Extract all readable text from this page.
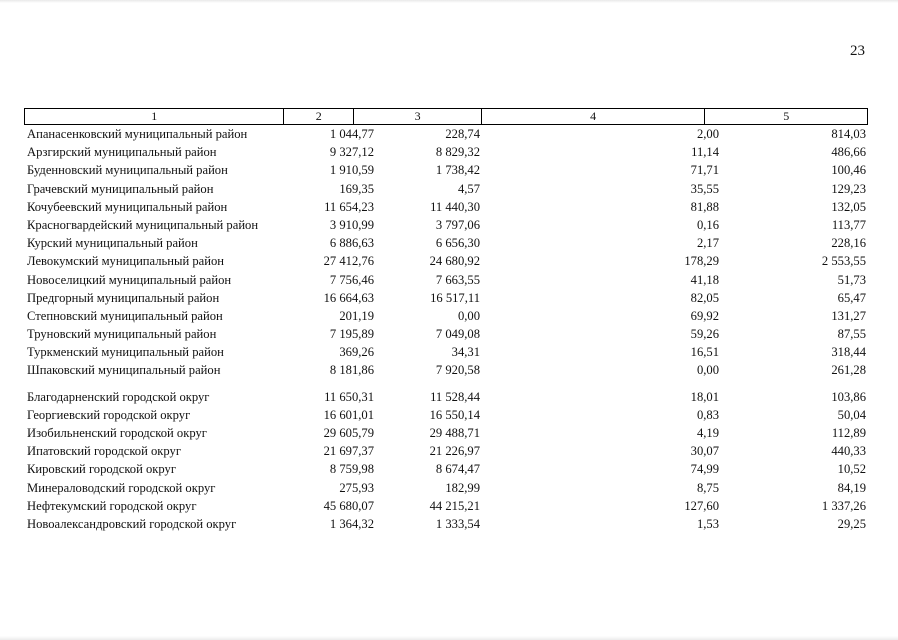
23
1	2	3	4	5
Апанасенковский муниципальный район	1 044,77	228,74	2,00	814,03
Арзгирский муниципальный район	9 327,12	8 829,32	11,14	486,66
Буденновский муниципальный район	1 910,59	1 738,42	71,71	100,46
Грачевский муниципальный район	169,35	4,57	35,55	129,23
Кочубеевский муниципальный район	11 654,23	11 440,30	81,88	132,05
Красногвардейский муниципальный район	3 910,99	3 797,06	0,16	113,77
Курский муниципальный район	6 886,63	6 656,30	2,17	228,16
Левокумский муниципальный район	27 412,76	24 680,92	178,29	2 553,55
Новоселицкий муниципальный район	7 756,46	7 663,55	41,18	51,73
Предгорный муниципальный район	16 664,63	16 517,11	82,05	65,47
Степновский муниципальный район	201,19	0,00	69,92	131,27
Труновский муниципальный район	7 195,89	7 049,08	59,26	87,55
Туркменский муниципальный район	369,26	34,31	16,51	318,44
Шпаковский муниципальный район	8 181,86	7 920,58	0,00	261,28
Благодарненский городской округ	11 650,31	11 528,44	18,01	103,86
Георгиевский городской округ	16 601,01	16 550,14	0,83	50,04
Изобильненский городской округ	29 605,79	29 488,71	4,19	112,89
Ипатовский городской округ	21 697,37	21 226,97	30,07	440,33
Кировский городской округ	8 759,98	8 674,47	74,99	10,52
Минераловодский городской округ	275,93	182,99	8,75	84,19
Нефтекумский городской округ	45 680,07	44 215,21	127,60	1 337,26
Новоалександровский городской округ	1 364,32	1 333,54	1,53	29,25
